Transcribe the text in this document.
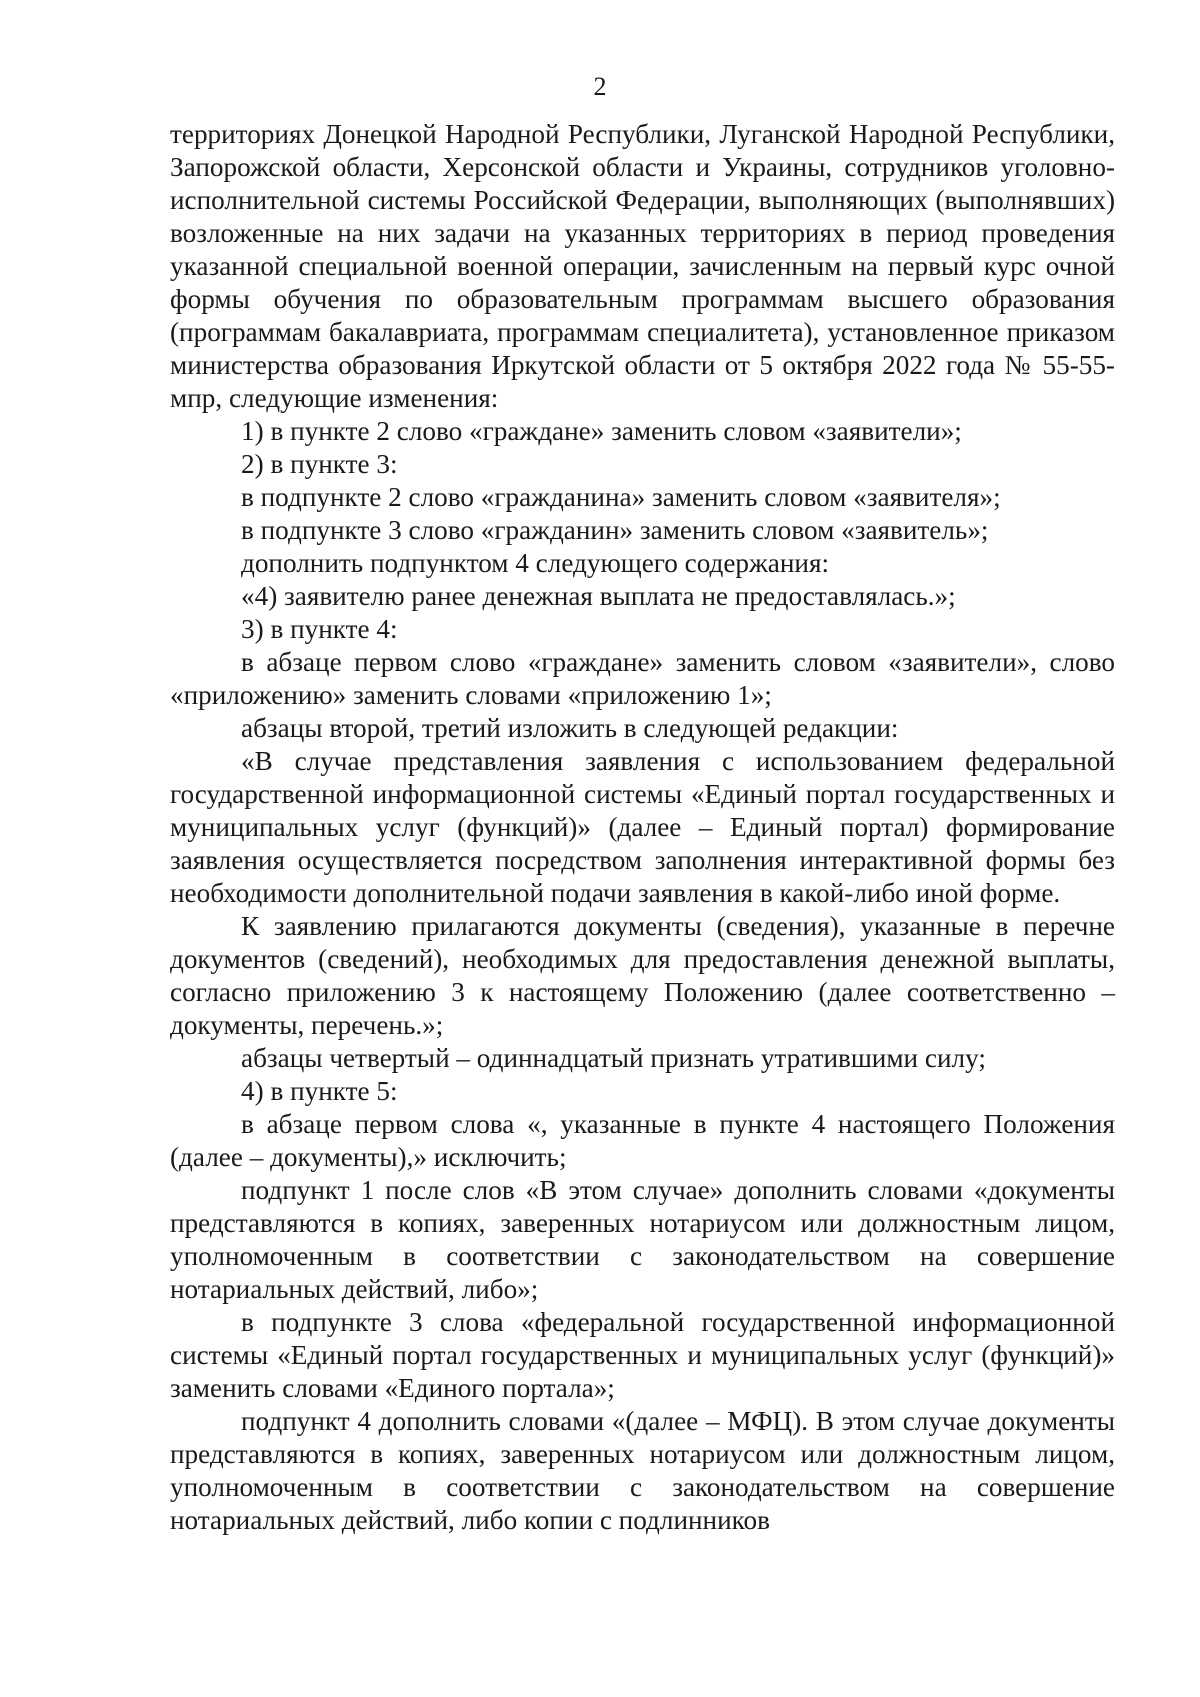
2

территориях Донецкой Народной Республики, Луганской Народной Республики, Запорожской области, Херсонской области и Украины, сотрудников уголовно-исполнительной системы Российской Федерации, выполняющих (выполнявших) возложенные на них задачи на указанных территориях в период проведения указанной специальной военной операции, зачисленным на первый курс очной формы обучения по образовательным программам высшего образования (программам бакалавриата, программам специалитета), установленное приказом министерства образования Иркутской области от 5 октября 2022 года № 55-55-мпр, следующие изменения:

1) в пункте 2 слово «граждане» заменить словом «заявители»;

2) в пункте 3:

в подпункте 2 слово «гражданина» заменить словом «заявителя»;

в подпункте 3 слово «гражданин» заменить словом «заявитель»;

дополнить подпунктом 4 следующего содержания:

«4) заявителю ранее денежная выплата не предоставлялась.»;

3) в пункте 4:

в абзаце первом слово «граждане» заменить словом «заявители», слово «приложению» заменить словами «приложению 1»;

абзацы второй, третий изложить в следующей редакции:

«В случае представления заявления с использованием федеральной государственной информационной системы «Единый портал государственных и муниципальных услуг (функций)» (далее – Единый портал) формирование заявления осуществляется посредством заполнения интерактивной формы без необходимости дополнительной подачи заявления в какой-либо иной форме.

К заявлению прилагаются документы (сведения), указанные в перечне документов (сведений), необходимых для предоставления денежной выплаты, согласно приложению 3 к настоящему Положению (далее соответственно – документы, перечень.»;

абзацы четвертый – одиннадцатый признать утратившими силу;

4) в пункте 5:

в абзаце первом слова «, указанные в пункте 4 настоящего Положения (далее – документы),» исключить;

подпункт 1 после слов «В этом случае» дополнить словами «документы представляются в копиях, заверенных нотариусом или должностным лицом, уполномоченным в соответствии с законодательством на совершение нотариальных действий, либо»;

в подпункте 3 слова «федеральной государственной информационной системы «Единый портал государственных и муниципальных услуг (функций)» заменить словами «Единого портала»;

подпункт 4 дополнить словами «(далее – МФЦ). В этом случае документы представляются в копиях, заверенных нотариусом или должностным лицом, уполномоченным в соответствии с законодательством на совершение нотариальных действий, либо копии с подлинников
